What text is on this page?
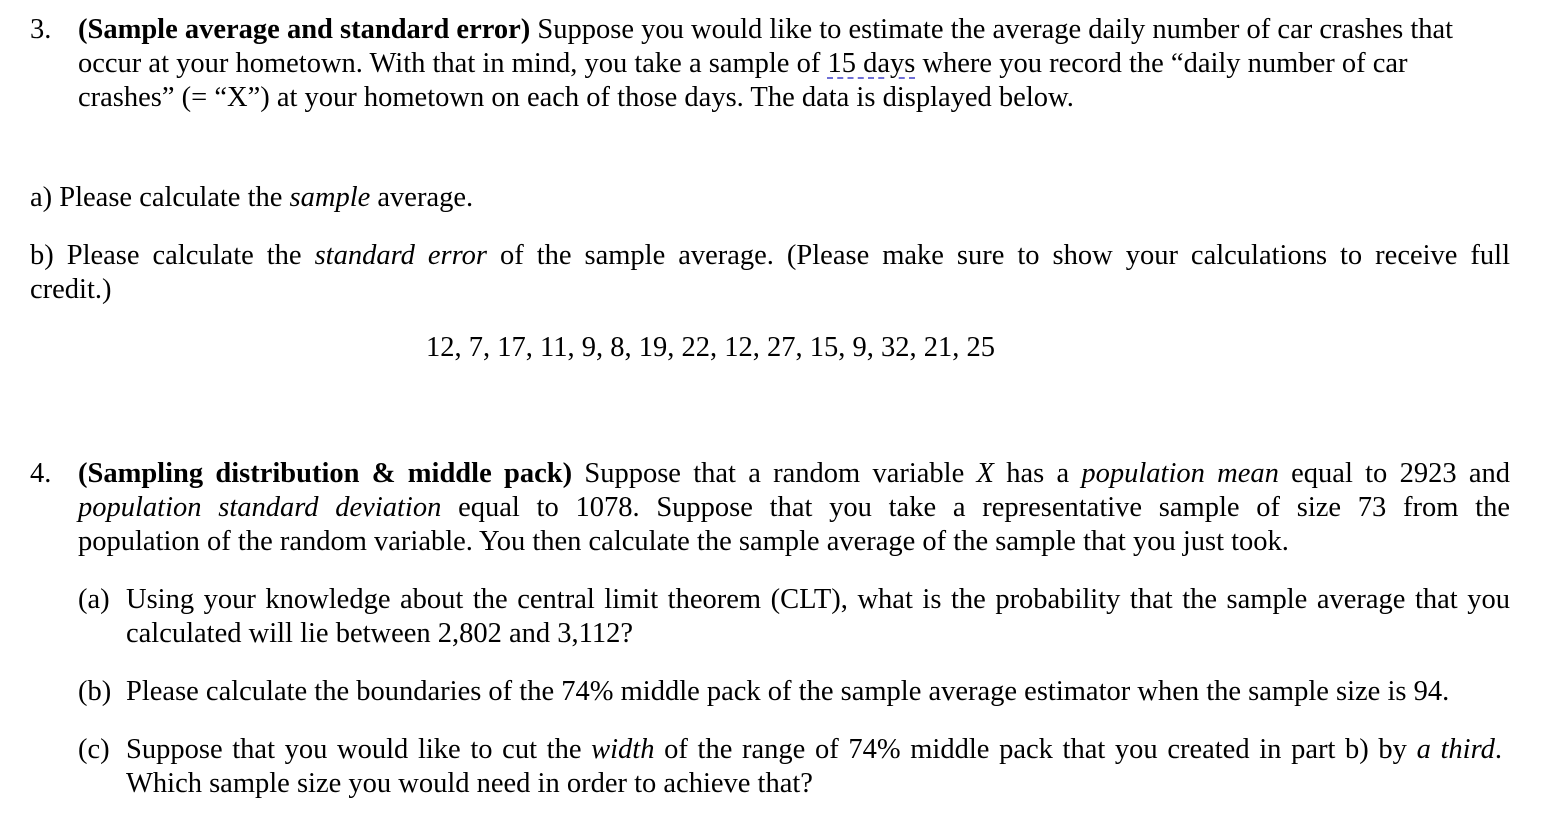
3. (Sample average and standard error) Suppose you would like to estimate the average daily number of car crashes that
occur at your hometown. With that in mind, you take a sample of 15 days where you record the “daily number of car
crashes” (= “X”) at your hometown on each of those days. The data is displayed below.
a) Please calculate the sample average.
b) Please calculate the standard error of the sample average. (Please make sure to show your calculations to receive full
credit.)
12, 7, 17, 11, 9, 8, 19, 22, 12, 27, 15, 9, 32, 21, 25
4. (Sampling distribution & middle pack) Suppose that a random variable X has a population mean equal to 2923 and
population standard deviation equal to 1078. Suppose that you take a representative sample of size 73 from the
population of the random variable. You then calculate the sample average of the sample that you just took.
(a) Using your knowledge about the central limit theorem (CLT), what is the probability that the sample average that you
calculated will lie between 2,802 and 3,112?
(b) Please calculate the boundaries of the 74% middle pack of the sample average estimator when the sample size is 94.
(c) Suppose that you would like to cut the width of the range of 74% middle pack that you created in part b) by a third.
Which sample size you would need in order to achieve that?
